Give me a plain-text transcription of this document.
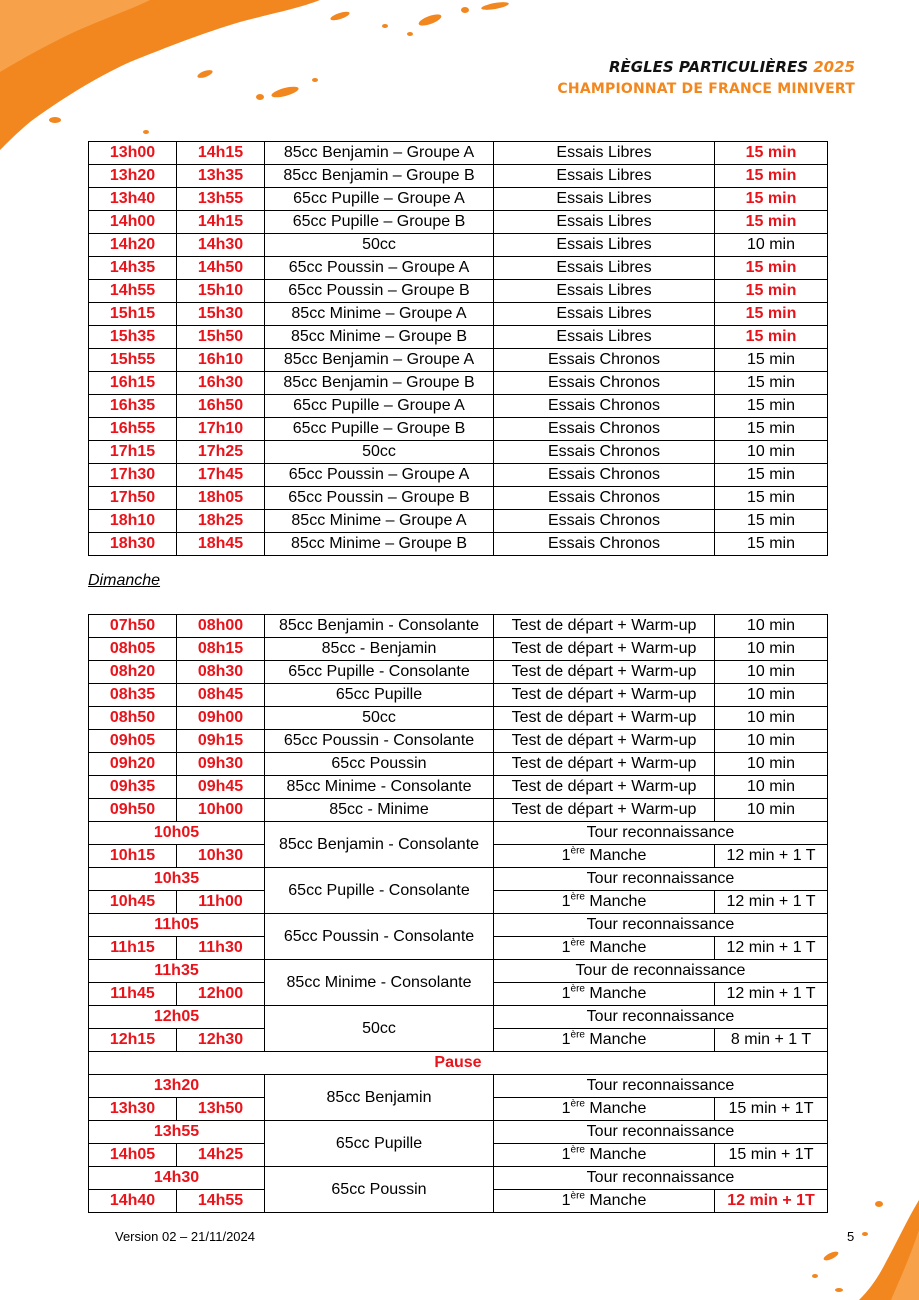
RÈGLES PARTICULIÈRES 2025
CHAMPIONNAT DE FRANCE MINIVERT
13h00	14h15	85cc Benjamin – Groupe A	Essais Libres	15 min
13h20	13h35	85cc Benjamin – Groupe B	Essais Libres	15 min
13h40	13h55	65cc Pupille – Groupe A	Essais Libres	15 min
14h00	14h15	65cc Pupille – Groupe B	Essais Libres	15 min
14h20	14h30	50cc	Essais Libres	10 min
14h35	14h50	65cc Poussin – Groupe A	Essais Libres	15 min
14h55	15h10	65cc Poussin – Groupe B	Essais Libres	15 min
15h15	15h30	85cc Minime – Groupe A	Essais Libres	15 min
15h35	15h50	85cc Minime – Groupe B	Essais Libres	15 min
15h55	16h10	85cc Benjamin – Groupe A	Essais Chronos	15 min
16h15	16h30	85cc Benjamin – Groupe B	Essais Chronos	15 min
16h35	16h50	65cc Pupille – Groupe A	Essais Chronos	15 min
16h55	17h10	65cc Pupille – Groupe B	Essais Chronos	15 min
17h15	17h25	50cc	Essais Chronos	10 min
17h30	17h45	65cc Poussin – Groupe A	Essais Chronos	15 min
17h50	18h05	65cc Poussin – Groupe B	Essais Chronos	15 min
18h10	18h25	85cc Minime – Groupe A	Essais Chronos	15 min
18h30	18h45	85cc Minime – Groupe B	Essais Chronos	15 min
Dimanche
07h50	08h00	85cc Benjamin - Consolante	Test de départ + Warm-up	10 min
08h05	08h15	85cc - Benjamin	Test de départ + Warm-up	10 min
08h20	08h30	65cc Pupille - Consolante	Test de départ + Warm-up	10 min
08h35	08h45	65cc Pupille	Test de départ + Warm-up	10 min
08h50	09h00	50cc	Test de départ + Warm-up	10 min
09h05	09h15	65cc Poussin - Consolante	Test de départ + Warm-up	10 min
09h20	09h30	65cc Poussin	Test de départ + Warm-up	10 min
09h35	09h45	85cc Minime - Consolante	Test de départ + Warm-up	10 min
09h50	10h00	85cc - Minime	Test de départ + Warm-up	10 min
10h05		85cc Benjamin - Consolante	Tour reconnaissance	
10h15	10h30		1ère Manche	12 min + 1 T
10h35		65cc Pupille - Consolante	Tour reconnaissance	
10h45	11h00		1ère Manche	12 min + 1 T
11h05		65cc Poussin - Consolante	Tour reconnaissance	
11h15	11h30		1ère Manche	12 min + 1 T
11h35		85cc Minime - Consolante	Tour de reconnaissance	
11h45	12h00		1ère Manche	12 min + 1 T
12h05		50cc	Tour reconnaissance	
12h15	12h30		1ère Manche	8 min + 1 T
Pause				
13h20		85cc Benjamin	Tour reconnaissance	
13h30	13h50		1ère Manche	15 min + 1T
13h55		65cc Pupille	Tour reconnaissance	
14h05	14h25		1ère Manche	15 min + 1T
14h30		65cc Poussin	Tour reconnaissance	
14h40	14h55		1ère Manche	12 min + 1T
Version 02 – 21/11/2024	5
